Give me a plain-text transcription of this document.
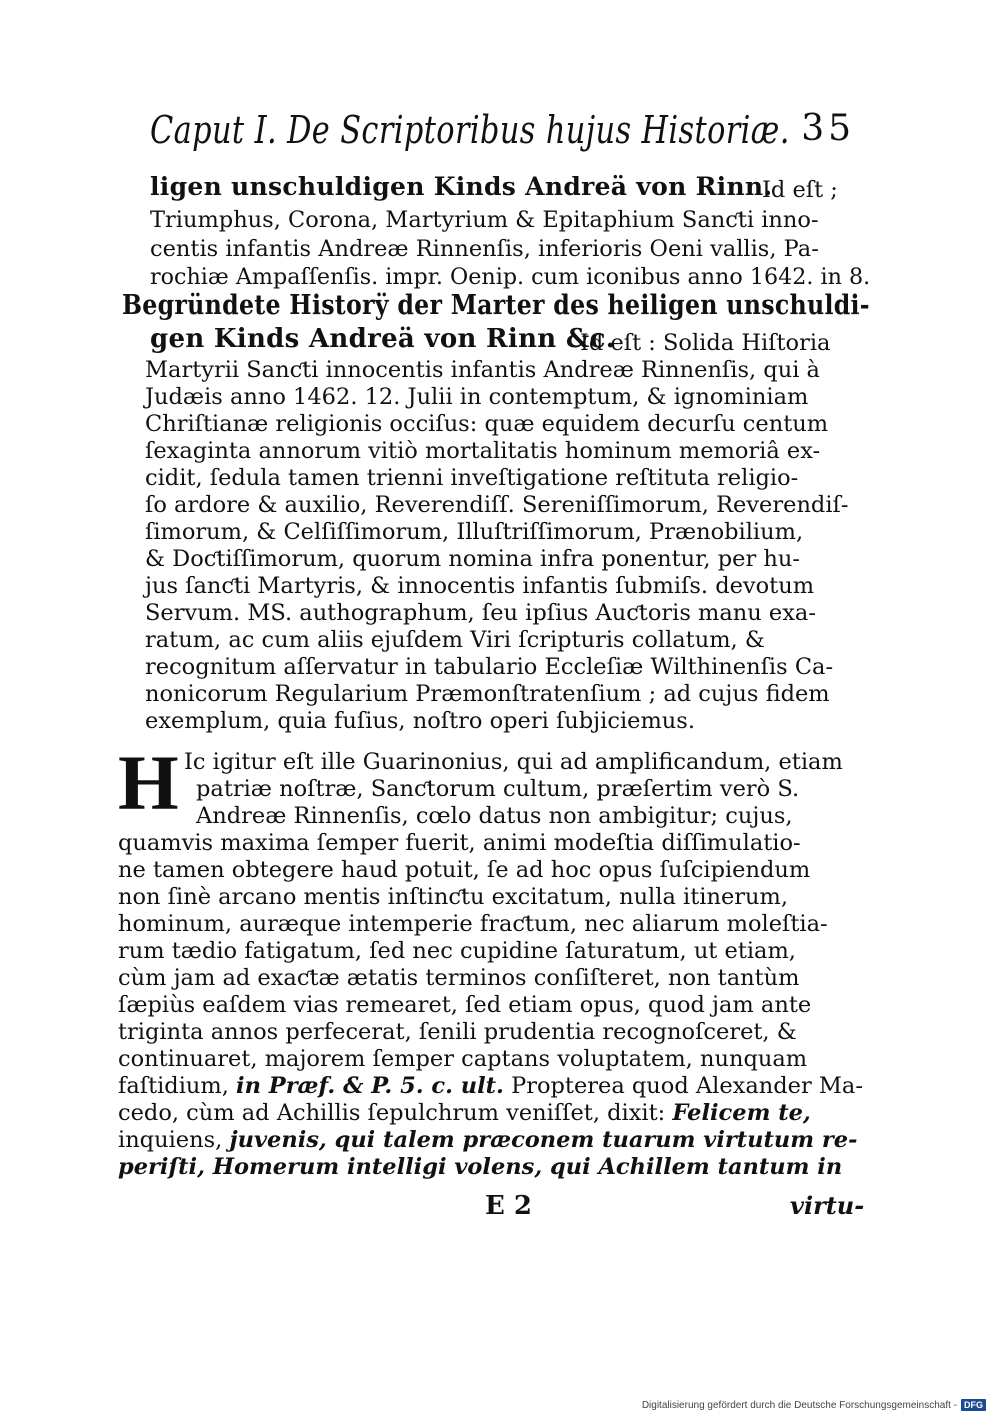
Caput I. De Scriptoribus hujus Historiæ. 35
ligen unschuldigen Kinds Andreä von Rinn.
Id eſt ;
Triumphus, Corona, Martyrium & Epitaphium Sanƈti inno-
centis infantis Andreæ Rinnenſis, inferioris Oeni vallis, Pa-
rochiæ Ampaſſenſis. impr. Oenip. cum iconibus anno 1642. in 8.
Begründete Historÿ der Marter des heiligen unschuldi-
gen Kinds Andreä von Rinn &c.
Id eſt : Solida Hiſtoria
Martyrii Sanƈti innocentis infantis Andreæ Rinnenſis, qui à
Judæis anno 1462. 12. Julii in contemptum, & ignominiam
Chriſtianæ religionis occiſus: quæ equidem decurſu centum
ſexaginta annorum vitiò mortalitatis hominum memoriâ ex-
cidit, ſedula tamen trienni inveſtigatione reſtituta religio-
ſo ardore & auxilio, Reverendiſſ. Sereniſſimorum, Reverendiſ-
ſimorum, & Celſiſſimorum, Illuſtriſſimorum, Prænobilium,
& Doƈtiſſimorum, quorum nomina infra ponentur, per hu-
jus ſanƈti Martyris, & innocentis infantis ſubmiſs. devotum
Servum. MS. authographum, ſeu ipſius Auƈtoris manu exa-
ratum, ac cum aliis ejuſdem Viri ſcripturis collatum, &
recognitum aſſervatur in tabulario Eccleſiæ Wilthinenſis Ca-
nonicorum Regularium Præmonſtratenſium ; ad cujus fidem
exemplum, quia fuſius, noſtro operi ſubjiciemus.
H Ic igitur eſt ille Guarinonius, qui ad amplificandum, etiam
patriæ noſtræ, Sanƈtorum cultum, præſertim verò S.
Andreæ Rinnenſis, cœlo datus non ambigitur; cujus,
quamvis maxima ſemper fuerit, animi modeſtia diſſimulatio-
ne tamen obtegere haud potuit, ſe ad hoc opus ſuſcipiendum
non ſinè arcano mentis inſtinƈtu excitatum, nulla itinerum,
hominum, auræque intemperie fraƈtum, nec aliarum moleſtia-
rum tædio fatigatum, ſed nec cupidine ſaturatum, ut etiam,
cùm jam ad exaƈtæ ætatis terminos conſiſteret, non tantùm
ſæpiùs eaſdem vias remearet, ſed etiam opus, quod jam ante
triginta annos perfecerat, ſenili prudentia recognoſceret, &
continuaret, majorem ſemper captans voluptatem, nunquam
faſtidium, in Præf. & P. 5. c. ult. Propterea quod Alexander Ma-
cedo, cùm ad Achillis ſepulchrum veniſſet, dixit: Felicem te,
inquiens, juvenis, qui talem præconem tuarum virtutum re-
periſti, Homerum intelligi volens, qui Achillem tantum in
E 2	virtu-
Digitalisierung gefördert durch die Deutsche Forschungsgemeinschaft - DFG
